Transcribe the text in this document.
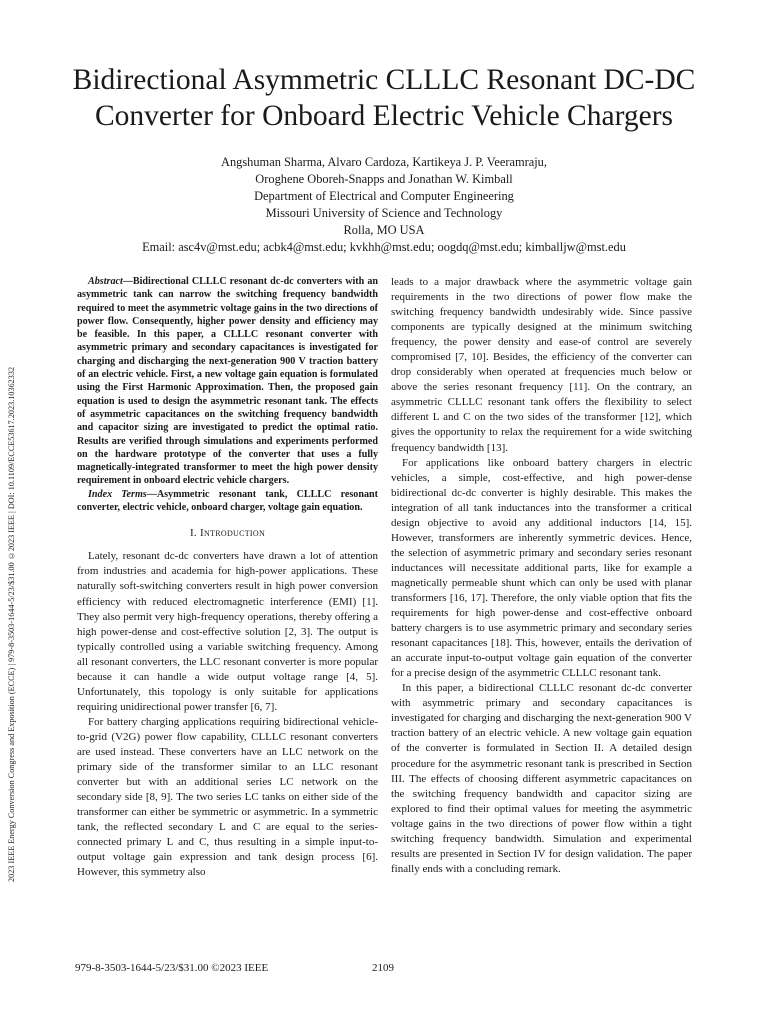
2023 IEEE Energy Conversion Congress and Exposition (ECCE) | 979-8-3503-1644-5/23/$31.00 ©2023 IEEE | DOI: 10.1109/ECCE53617.2023.10362332
Bidirectional Asymmetric CLLLC Resonant DC-DC Converter for Onboard Electric Vehicle Chargers
Angshuman Sharma, Alvaro Cardoza, Kartikeya J. P. Veeramraju,
Oroghene Oboreh-Snapps and Jonathan W. Kimball
Department of Electrical and Computer Engineering
Missouri University of Science and Technology
Rolla, MO USA
Email: asc4v@mst.edu; acbk4@mst.edu; kvkhh@mst.edu; oogdq@mst.edu; kimballjw@mst.edu

Abstract—Bidirectional CLLLC resonant dc-dc converters with an asymmetric tank can narrow the switching frequency bandwidth required to meet the asymmetric voltage gains in the two directions of power flow. Consequently, higher power density and efficiency may be feasible. In this paper, a CLLLC resonant converter with asymmetric primary and secondary capacitances is investigated for charging and discharging the next-generation 900 V traction battery of an electric vehicle. First, a new voltage gain equation is formulated using the First Harmonic Approximation. Then, the proposed gain equation is used to design the asymmetric resonant tank. The effects of asymmetric capacitances on the switching frequency bandwidth and capacitor sizing are investigated to predict the optimal ratio. Results are verified through simulations and experiments performed on the hardware prototype of the converter that uses a fully magnetically-integrated transformer to meet the high power density requirement in onboard electric vehicle chargers.

Index Terms—Asymmetric resonant tank, CLLLC resonant converter, electric vehicle, onboard charger, voltage gain equation.

I. Introduction

Lately, resonant dc-dc converters have drawn a lot of attention from industries and academia for high-power applications. These naturally soft-switching converters result in high power conversion efficiency with reduced electromagnetic interference (EMI) [1]. They also permit very high-frequency operations, thereby offering a high power-dense and cost-effective solution [2, 3]. The output is typically controlled using a variable switching frequency. Among all resonant converters, the LLC resonant converter is more popular because it can handle a wide output voltage range [4, 5]. Unfortunately, this topology is only suitable for applications requiring unidirectional power transfer [6, 7].

For battery charging applications requiring bidirectional vehicle-to-grid (V2G) power flow capability, CLLLC resonant converters are used instead. These converters have an LLC network on the primary side of the transformer similar to an LLC resonant converter but with an additional series LC network on the secondary side [8, 9]. The two series LC tanks on either side of the transformer can either be symmetric or asymmetric. In a symmetric tank, the reflected secondary L and C are equal to the series-connected primary L and C, thus resulting in a simple input-to-output voltage gain expression and tank design process [6]. However, this symmetry also

leads to a major drawback where the asymmetric voltage gain requirements in the two directions of power flow make the switching frequency bandwidth undesirably wide. Since passive components are typically designed at the minimum switching frequency, the power density and ease-of control are severely compromised [7, 10]. Besides, the efficiency of the converter can drop considerably when operated at frequencies much below or above the series resonant frequency [11]. On the contrary, an asymmetric CLLLC resonant tank offers the flexibility to select different L and C on the two sides of the transformer [12], which gives the opportunity to relax the requirement for a wide switching frequency bandwidth [13].

For applications like onboard battery chargers in electric vehicles, a simple, cost-effective, and high power-dense bidirectional dc-dc converter is highly desirable. This makes the integration of all tank inductances into the transformer a critical design objective to avoid any additional inductors [14, 15]. However, transformers are inherently symmetric devices. Hence, the selection of asymmetric primary and secondary series resonant inductances will necessitate additional parts, like for example a magnetically permeable shunt which can only be used with planar transformers [16, 17]. Therefore, the only viable option that fits the requirements for high power-dense and cost-effective onboard battery chargers is to use asymmetric primary and secondary series resonant capacitances [18]. This, however, entails the derivation of an accurate input-to-output voltage gain equation of the converter for a precise design of the asymmetric CLLLC resonant tank.

In this paper, a bidirectional CLLLC resonant dc-dc converter with asymmetric primary and secondary capacitances is investigated for charging and discharging the next-generation 900 V traction battery of an electric vehicle. A new voltage gain equation of the converter is formulated in Section II. A detailed design procedure for the asymmetric resonant tank is prescribed in Section III. The effects of choosing different asymmetric capacitances on the switching frequency bandwidth and capacitor sizing are explored to find their optimal values for meeting the asymmetric voltage gains in the two directions of power flow within a tight switching frequency bandwidth. Simulation and experimental results are presented in Section IV for design validation. The paper finally ends with a concluding remark.

979-8-3503-1644-5/23/$31.00 ©2023 IEEE	2109
